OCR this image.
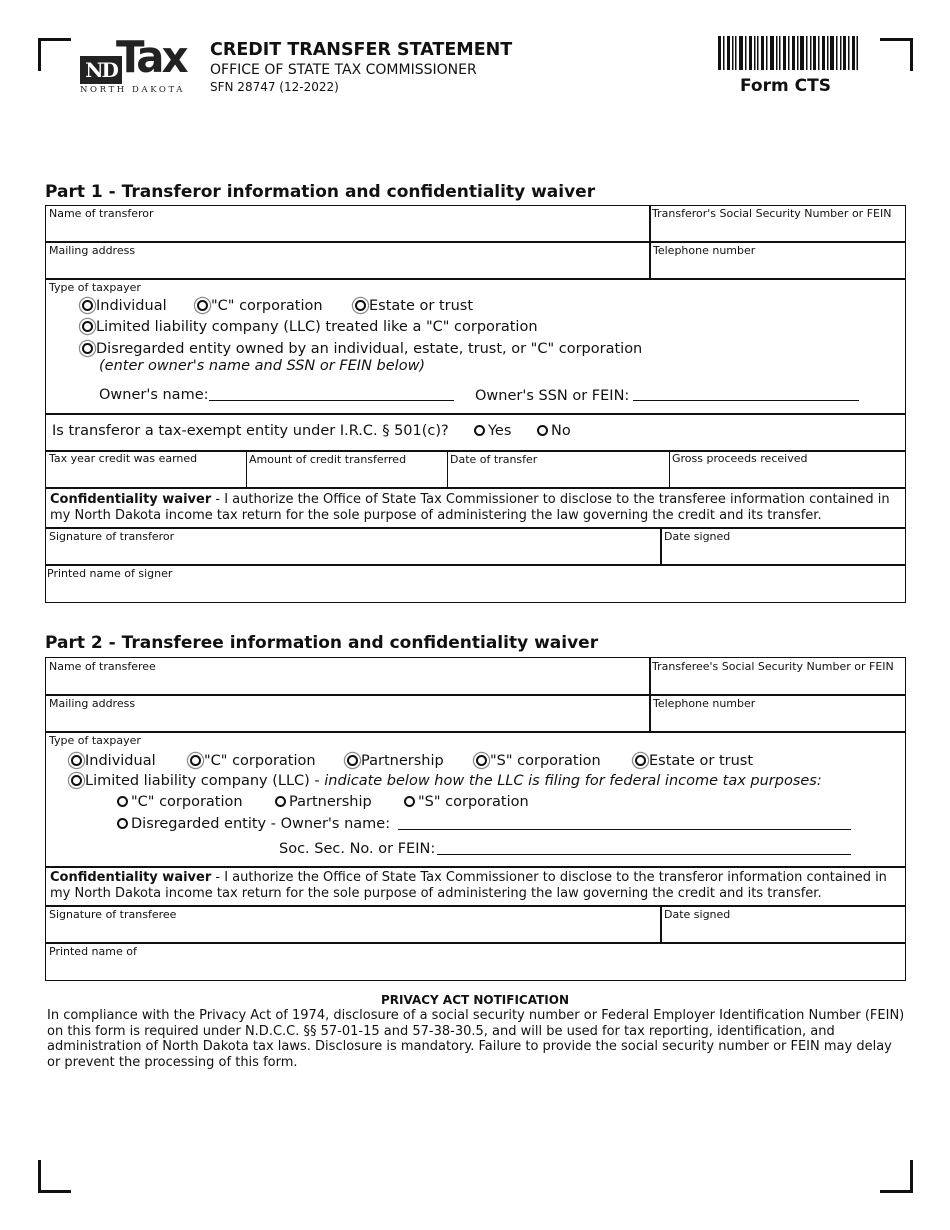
ND Tax
NORTH DAKOTA
CREDIT TRANSFER STATEMENT
OFFICE OF STATE TAX COMMISSIONER
SFN 28747 (12-2022)	Form CTS
Part 1 - Transferor information and confidentiality waiver
Name of transferor	Transferor's Social Security Number or FEIN
Mailing address	Telephone number
Type of taxpayer
Individual	"C" corporation	Estate or trust
Limited liability company (LLC) treated like a "C" corporation
Disregarded entity owned by an individual, estate, trust, or "C" corporation
(enter owner's name and SSN or FEIN below)
Owner's name:	Owner's SSN or FEIN:
Is transferor a tax-exempt entity under I.R.C. § 501(c)?	Yes	No
Tax year credit was earned	Amount of credit transferred	Date of transfer	Gross proceeds received
Confidentiality waiver - I authorize the Office of State Tax Commissioner to disclose to the transferee information contained in my North Dakota income tax return for the sole purpose of administering the law governing the credit and its transfer.
Signature of transferor	Date signed
Printed name of signer
Part 2 - Transferee information and confidentiality waiver
Name of transferee	Transferee's Social Security Number or FEIN
Mailing address	Telephone number
Type of taxpayer
Individual	"C" corporation	Partnership	"S" corporation	Estate or trust
Limited liability company (LLC) - indicate below how the LLC is filing for federal income tax purposes:
"C" corporation	Partnership	"S" corporation
Disregarded entity - Owner's name:
Soc. Sec. No. or FEIN:
Confidentiality waiver - I authorize the Office of State Tax Commissioner to disclose to the transferor information contained in my North Dakota income tax return for the sole purpose of administering the law governing the credit and its transfer.
Signature of transferee	Date signed
Printed name of
PRIVACY ACT NOTIFICATION
In compliance with the Privacy Act of 1974, disclosure of a social security number or Federal Employer Identification Number (FEIN) on this form is required under N.D.C.C. §§ 57-01-15 and 57-38-30.5, and will be used for tax reporting, identification, and administration of North Dakota tax laws. Disclosure is mandatory. Failure to provide the social security number or FEIN may delay or prevent the processing of this form.
